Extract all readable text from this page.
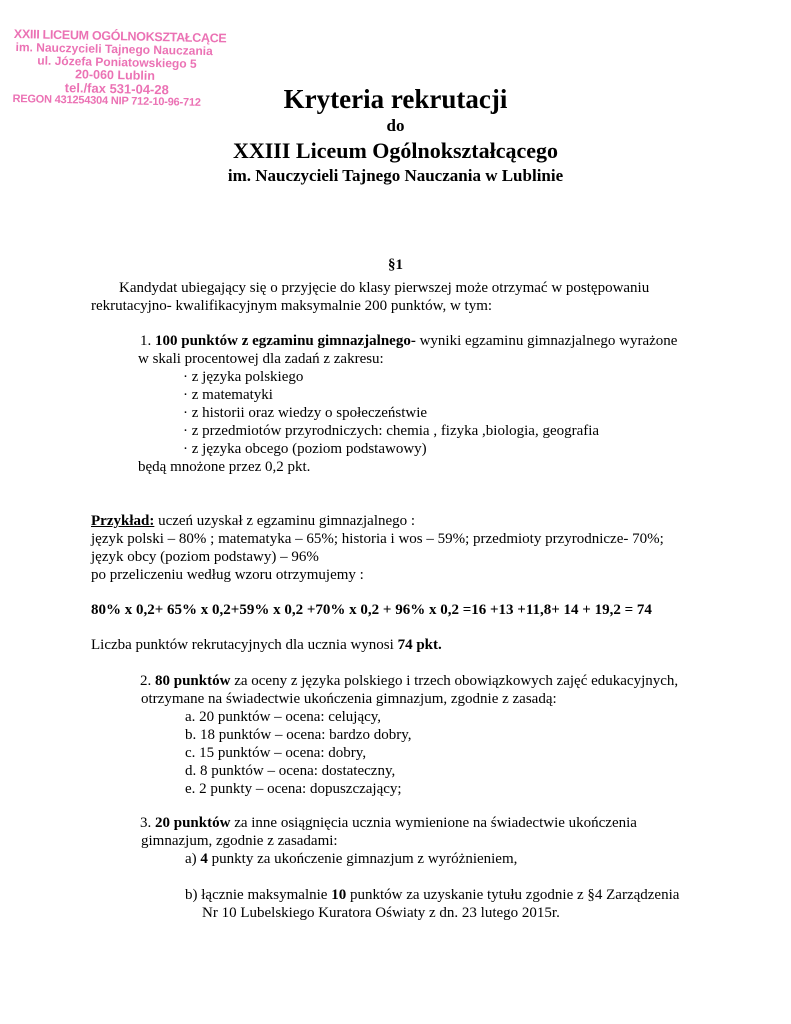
XXIII LICEUM OGÓLNOKSZTAŁCĄCE
im. Nauczycieli Tajnego Nauczania
ul. Józefa Poniatowskiego 5
20-060 Lublin
tel./fax 531-04-28
REGON 431254304 NIP 712-10-96-712	Kryteria rekrutacji
do
XXIII Liceum Ogólnokształcącego
im. Nauczycieli Tajnego Nauczania w Lublinie
§1
Kandydat ubiegający się o przyjęcie do klasy pierwszej może otrzymać w postępowaniu
rekrutacyjno- kwalifikacyjnym maksymalnie 200 punktów, w tym:
1. 100 punktów z egzaminu gimnazjalnego- wyniki egzaminu gimnazjalnego wyrażone
w skali procentowej dla zadań z zakresu:
· z języka polskiego
· z matematyki
· z historii oraz wiedzy o społeczeństwie
· z przedmiotów przyrodniczych: chemia , fizyka ,biologia, geografia
· z języka obcego (poziom podstawowy)
będą mnożone przez 0,2 pkt.
Przykład: uczeń uzyskał z egzaminu gimnazjalnego :
język polski – 80% ; matematyka – 65%; historia i wos – 59%; przedmioty przyrodnicze- 70%;
język obcy (poziom podstawy) – 96%
po przeliczeniu według wzoru otrzymujemy :
80% x 0,2+ 65% x 0,2+59% x 0,2 +70% x 0,2 + 96% x 0,2 =16 +13 +11,8+ 14 + 19,2 = 74
Liczba punktów rekrutacyjnych dla ucznia wynosi 74 pkt.
2. 80 punktów za oceny z języka polskiego i trzech obowiązkowych zajęć edukacyjnych,
otrzymane na świadectwie ukończenia gimnazjum, zgodnie z zasadą:
a. 20 punktów – ocena: celujący,
b. 18 punktów – ocena: bardzo dobry,
c. 15 punktów – ocena: dobry,
d. 8 punktów – ocena: dostateczny,
e. 2 punkty – ocena: dopuszczający;
3. 20 punktów za inne osiągnięcia ucznia wymienione na świadectwie ukończenia
gimnazjum, zgodnie z zasadami:
a) 4 punkty za ukończenie gimnazjum z wyróżnieniem,
b) łącznie maksymalnie 10 punktów za uzyskanie tytułu zgodnie z §4 Zarządzenia
Nr 10 Lubelskiego Kuratora Oświaty z dn. 23 lutego 2015r.
